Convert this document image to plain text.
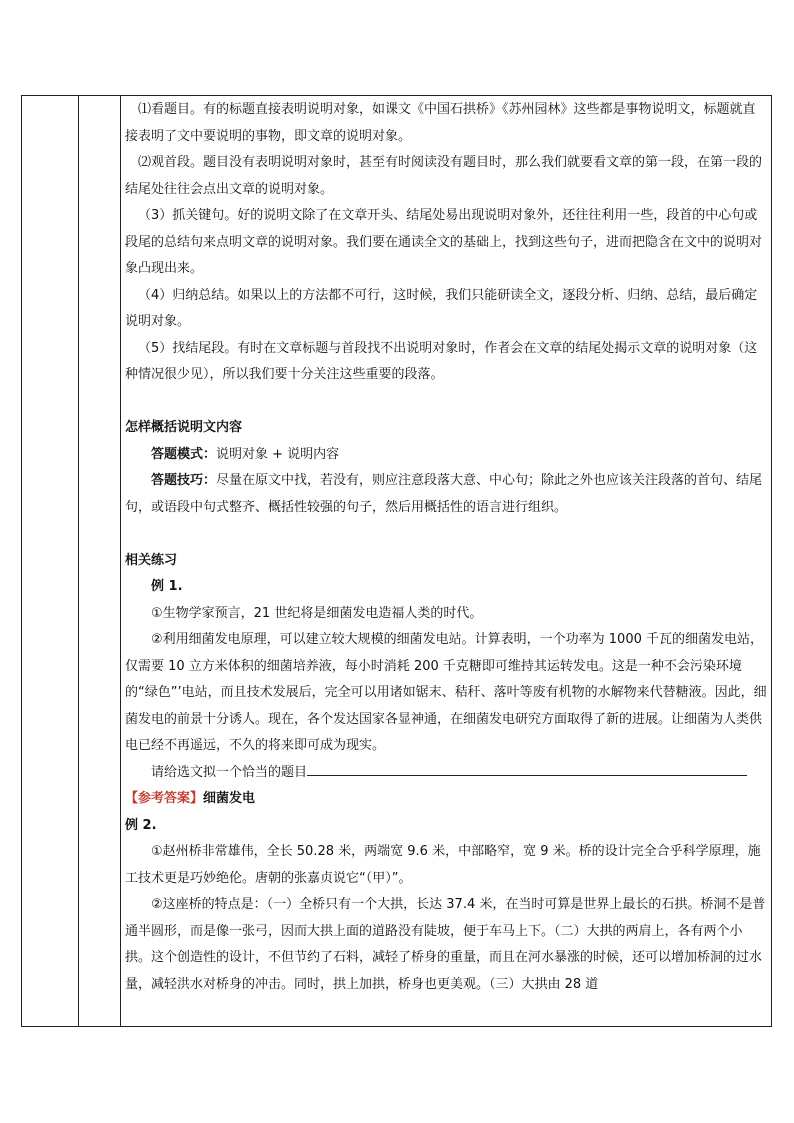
⑴看题目。有的标题直接表明说明对象，如课文《中国石拱桥》《苏州园林》这些都是事物说明文，标题就直接表明了文中要说明的事物，即文章的说明对象。

⑵观首段。题目没有表明说明对象时，甚至有时阅读没有题目时，那么我们就要看文章的第一段，在第一段的结尾处往往会点出文章的说明对象。

（3）抓关键句。好的说明文除了在文章开头、结尾处易出现说明对象外，还往往利用一些，段首的中心句或段尾的总结句来点明文章的说明对象。我们要在通读全文的基础上，找到这些句子，进而把隐含在文中的说明对象凸现出来。

（4）归纳总结。如果以上的方法都不可行，这时候，我们只能研读全文，逐段分析、归纳、总结，最后确定说明对象。

（5）找结尾段。有时在文章标题与首段找不出说明对象时，作者会在文章的结尾处揭示文章的说明对象（这种情况很少见），所以我们要十分关注这些重要的段落。

怎样概括说明文内容

答题模式：说明对象 + 说明内容

答题技巧：尽量在原文中找，若没有，则应注意段落大意、中心句；除此之外也应该关注段落的首句、结尾句，或语段中句式整齐、概括性较强的句子，然后用概括性的语言进行组织。

相关练习

例 1.

①生物学家预言，21 世纪将是细菌发电造福人类的时代。

②利用细菌发电原理，可以建立较大规模的细菌发电站。计算表明，一个功率为 1000 千瓦的细菌发电站，仅需要 10 立方米体积的细菌培养液，每小时消耗 200 千克糖即可维持其运转发电。这是一种不会污染环境的“绿色”’电站，而且技术发展后，完全可以用诸如锯末、秸秆、落叶等废有机物的水解物来代替糖液。因此，细菌发电的前景十分诱人。现在，各个发达国家各显神通，在细菌发电研究方面取得了新的进展。让细菌为人类供电已经不再遥远，不久的将来即可成为现实。

请给选文拟一个恰当的题目

【参考答案】细菌发电

例 2.

①赵州桥非常雄伟，全长 50.28 米，两端宽 9.6 米，中部略窄，宽 9 米。桥的设计完全合乎科学原理，施工技术更是巧妙绝伦。唐朝的张嘉贞说它“（甲）”。

②这座桥的特点是：（一）全桥只有一个大拱，长达 37.4 米，在当时可算是世界上最长的石拱。桥洞不是普通半圆形，而是像一张弓，因而大拱上面的道路没有陡坡，便于车马上下。（二）大拱的两肩上，各有两个小拱。这个创造性的设计，不但节约了石料，减轻了桥身的重量，而且在河水暴涨的时候，还可以增加桥洞的过水量，减轻洪水对桥身的冲击。同时，拱上加拱，桥身也更美观。（三）大拱由 28 道
